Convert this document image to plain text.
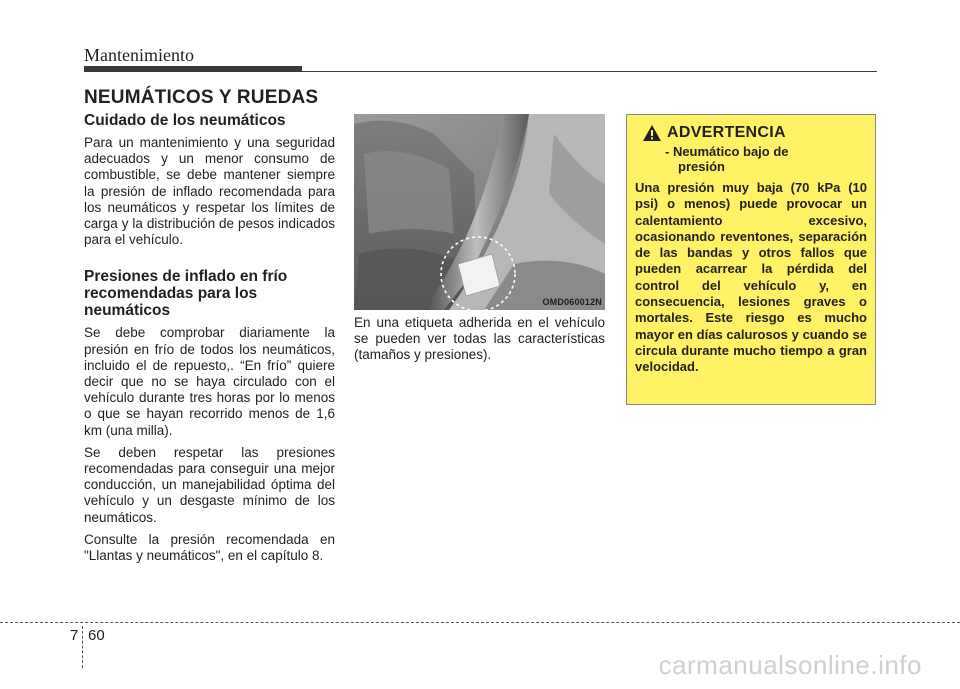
Mantenimiento
NEUMÁTICOS Y RUEDAS
Cuidado de los neumáticos

Para un mantenimiento y una seguridad adecuados y un menor consumo de combustible, se debe mantener siempre la presión de inflado recomendada para los neumáticos y respetar los límites de carga y la distribución de pesos indicados para el vehículo.

Presiones de inflado en frío recomendadas para los neumáticos

Se debe comprobar diariamente la presión en frío de todos los neumáticos, incluido el de repuesto,. “En frío” quiere decir que no se haya circulado con el vehículo durante tres horas por lo menos o que se hayan recorrido menos de 1,6 km (una milla).

Se deben respetar las presiones recomendadas para conseguir una mejor conducción, un manejabilidad óptima del vehículo y un desgaste mínimo de los neumáticos.

Consulte la presión recomendada en "Llantas y neumáticos", en el capítulo 8.

OMD060012N

En una etiqueta adherida en el vehículo se pueden ver todas las características (tamaños y presiones).

ADVERTENCIA
- Neumático bajo de
presión

Una presión muy baja (70 kPa (10 psi) o menos) puede provocar un calentamiento excesivo, ocasionando reventones, separación de las bandas y otros fallos que pueden acarrear la pérdida del control del vehículo y, en consecuencia, lesiones graves o mortales. Este riesgo es mucho mayor en días calurosos y cuando se circula durante mucho tiempo a gran velocidad.

7 60
carmanualsonline.info
